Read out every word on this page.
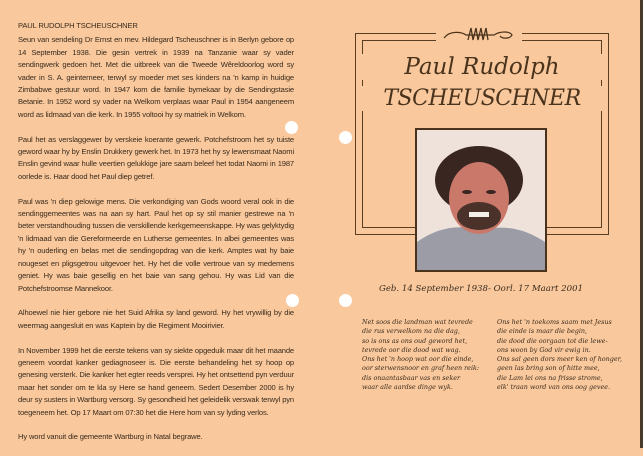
PAUL RUDOLPH TSCHEUSCHNER

Seun van sendeling Dr Ernst en mev. Hildegard Tscheuschner is in Berlyn gebore op 14 September 1938. Die gesin vertrek in 1939 na Tanzanie waar sy vader sendingwerk gedoen het. Met die uitbreek van die Tweede Wêreldoorlog word sy vader in S. A. geinterneer, terwyl sy moeder met ses kinders na 'n kamp in huidige Zimbabwe gestuur word. In 1947 kom die familie bymekaar by die Sendingstasie Betanie. In 1952 word sy vader na Welkom verplaas waar Paul in 1954 aangeneem word as lidmaad van die kerk. In 1955 voltooi hy sy matriek in Welkom.

Paul het as verslaggewer by verskeie koerante gewerk. Potchefstroom het sy tuiste geword waar hy by Enslin Drukkery gewerk het. In 1973 het hy sy lewensmaat Naomi Enslin gevind waar hulle veertien gelukkige jare saam beleef het todat Naomi in 1987 oorlede is. Haar dood het Paul diep getref.

Paul was 'n diep gelowige mens. Die verkondiging van Gods woord veral ook in die sendinggemeentes was na aan sy hart. Paul het op sy stil manier gestrewe na 'n beter verstandhouding tussen die verskillende kerkgemeenskappe. Hy was gelyktydig 'n lidmaad van die Gereformeerde en Lutherse gemeentes. In albei gemeentes was hy 'n ouderling en belas met die sendingopdrag van die kerk. Amptes wat hy baie nougeset en pligsgetrou uitgevoer het. Hy het die volle vertroue van sy medemens geniet. Hy was baie gesellig en het baie van sang gehou. Hy was Lid van die Potchefstroomse Mannekoor.

Alhoewel nie hier gebore nie het Suid Afrika sy land geword. Hy het vrywillig by die weermag aangesluit en was Kaptein by die Regiment Mooirivier.

In November 1999 het die eerste tekens van sy siekte opgeduik maar dit het maande geneem voordat kanker gediagnoseer is. Die eerste behandeling het sy hoop op genesing versterk. Die kanker het egter reeds versprei. Hy het ontsettend pyn verduur maar het sonder om te kla sy Here se hand geneem. Sedert Desember 2000 is hy deur sy susters in Wartburg versorg. Sy gesondheid het geleidelik verswak terwyl pyn toegeneem het. Op 17 Maart om 07:30 het die Here hom van sy lyding verlos.

Hy word vanuit die gemeente Wartburg in Natal begrawe.

Paul Rudolph
TSCHEUSCHNER
Geb. 14 September 1938- Oorl. 17 Maart 2001
Net soos die landman wat tevrede
die rus verwelkom na die dag,
so is ons as ons oud geword het,
tevrede oor die dood wat wag.
Ons het 'n hoop wat oor die einde,
oor sterwensnoor en graf heen reik:
dis onaantasbaar vas en seker
waar alle aardse dinge wyk.
Ons het 'n toekoms saam met Jesus
die einde is maar die begin,
die dood die oorgaan tot die lewe-
ons woon by God vir ewig in.
Ons sal geen dors meer ken of honger,
geen las bring son of hitte mee,
die Lam lei ons na frisse strome,
elk' traan word van ons oog gevee.
